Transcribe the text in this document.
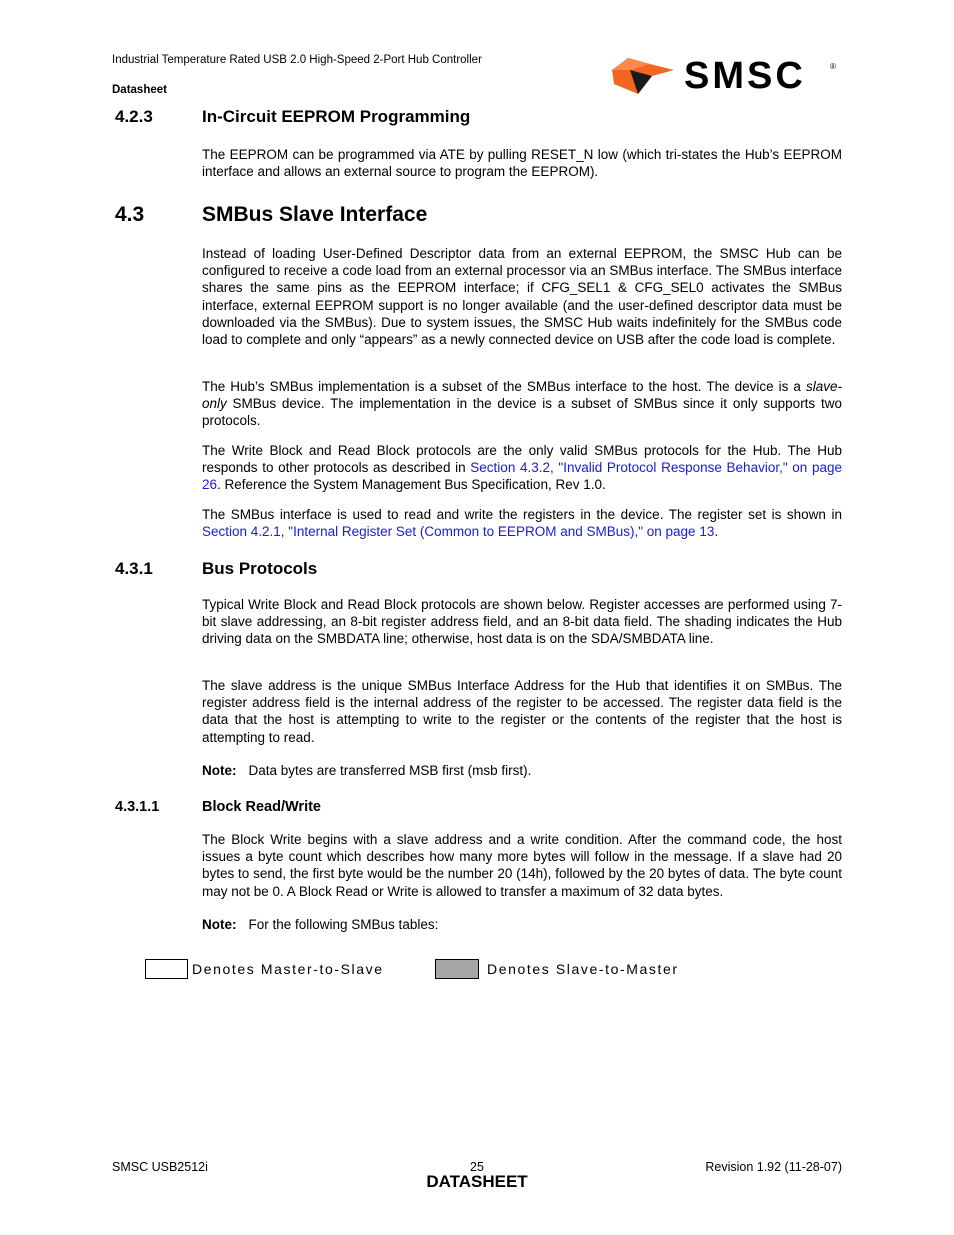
Industrial Temperature Rated USB 2.0 High-Speed 2-Port Hub Controller
Datasheet	SMSC	®
4.2.3	In-Circuit EEPROM Programming

The EEPROM can be programmed via ATE by pulling RESET_N low (which tri-states the Hub’s EEPROM interface and allows an external source to program the EEPROM).

4.3	SMBus Slave Interface

Instead of loading User-Defined Descriptor data from an external EEPROM, the SMSC Hub can be configured to receive a code load from an external processor via an SMBus interface. The SMBus interface shares the same pins as the EEPROM interface; if CFG_SEL1 & CFG_SEL0 activates the SMBus interface, external EEPROM support is no longer available (and the user-defined descriptor data must be downloaded via the SMBus). Due to system issues, the SMSC Hub waits indefinitely for the SMBus code load to complete and only “appears” as a newly connected device on USB after the code load is complete.

The Hub’s SMBus implementation is a subset of the SMBus interface to the host. The device is a slave-only SMBus device. The implementation in the device is a subset of SMBus since it only supports two protocols.

The Write Block and Read Block protocols are the only valid SMBus protocols for the Hub. The Hub responds to other protocols as described in Section 4.3.2, "Invalid Protocol Response Behavior," on page 26. Reference the System Management Bus Specification, Rev 1.0.

The SMBus interface is used to read and write the registers in the device. The register set is shown in Section 4.2.1, "Internal Register Set (Common to EEPROM and SMBus)," on page 13.

4.3.1	Bus Protocols

Typical Write Block and Read Block protocols are shown below. Register accesses are performed using 7-bit slave addressing, an 8-bit register address field, and an 8-bit data field. The shading indicates the Hub driving data on the SMBDATA line; otherwise, host data is on the SDA/SMBDATA line.

The slave address is the unique SMBus Interface Address for the Hub that identifies it on SMBus. The register address field is the internal address of the register to be accessed. The register data field is the data that the host is attempting to write to the register or the contents of the register that the host is attempting to read.

Note: Data bytes are transferred MSB first (msb first).
4.3.1.1	Block Read/Write

The Block Write begins with a slave address and a write condition. After the command code, the host issues a byte count which describes how many more bytes will follow in the message. If a slave had 20 bytes to send, the first byte would be the number 20 (14h), followed by the 20 bytes of data. The byte count may not be 0. A Block Read or Write is allowed to transfer a maximum of 32 data bytes.

Note: For the following SMBus tables:
Denotes Master-to-Slave	Denotes Slave-to-Master
SMSC USB2512i	25
DATASHEET
Revision 1.92 (11-28-07)
